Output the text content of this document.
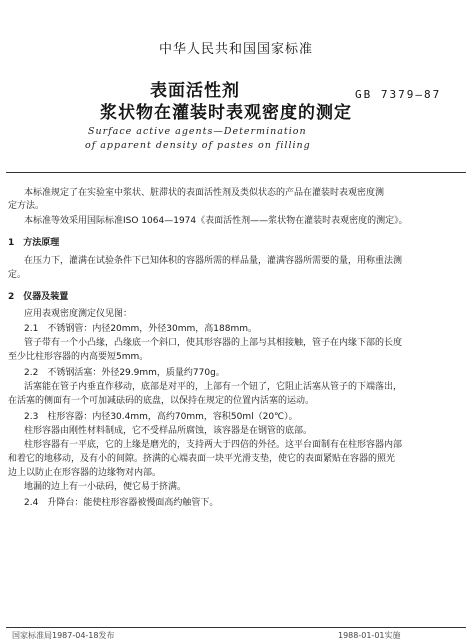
中华人民共和国国家标准
表面活性剂
浆状物在灌装时表观密度的测定
GB 7379—87
Surface active agents—Determination
of apparent density of pastes on filling
本标准规定了在实验室中浆状、脏滞状的表面活性剂及类似状态的产品在灌装时表观密度测
定方法。
本标准等效采用国际标准ISO 1064—1974《表面活性剂——浆状物在灌装时表观密度的测定》。
1　方法原理
在压力下，灌满在试验条件下已知体积的容器所需的样品量，灌满容器所需要的量，用称重法测
定。
2　仪器及装置
应用表观密度测定仪见图：
2.1　不锈钢管：内径20mm，外径30mm，高188mm。
管子带有一个小凸缘，凸缘底一个斜口，使其形容器的上部与其相接触，管子在内缘下部的长度
至少比柱形容器的内高要短5mm。
2.2　不锈钢活塞：外径29.9mm，质量约770g。
活塞能在管子内垂直作移动，底部是对平的，上部有一个钮了，它阻止活塞从管子的下端落出，
在活塞的侧面有一个可加减砝码的底盘，以保持在规定的位置内活塞的运动。
2.3　柱形容器：内径30.4mm，高约70mm，容积50ml（20℃）。
柱形容器由刚性材料制成，它不受样品所腐蚀，该容器是在钢管的底部。
柱形容器有一平底，它的上缘是磨光的，支持两大于四倍的外径。这平台面制有在柱形容器内部
和着它的地移动，及有小的间隙。挤满的心端表面一块平光滑支垫，使它的表面紧贴在容器的照光
边上以防止在形容器的边缘物对内部。
地漏的边上有一小砝码，便它易于挤满。
2.4　升降台：能使柱形容器被慢面高约触管下。
国家标准局1987-04-18发布	1988-01-01实施
